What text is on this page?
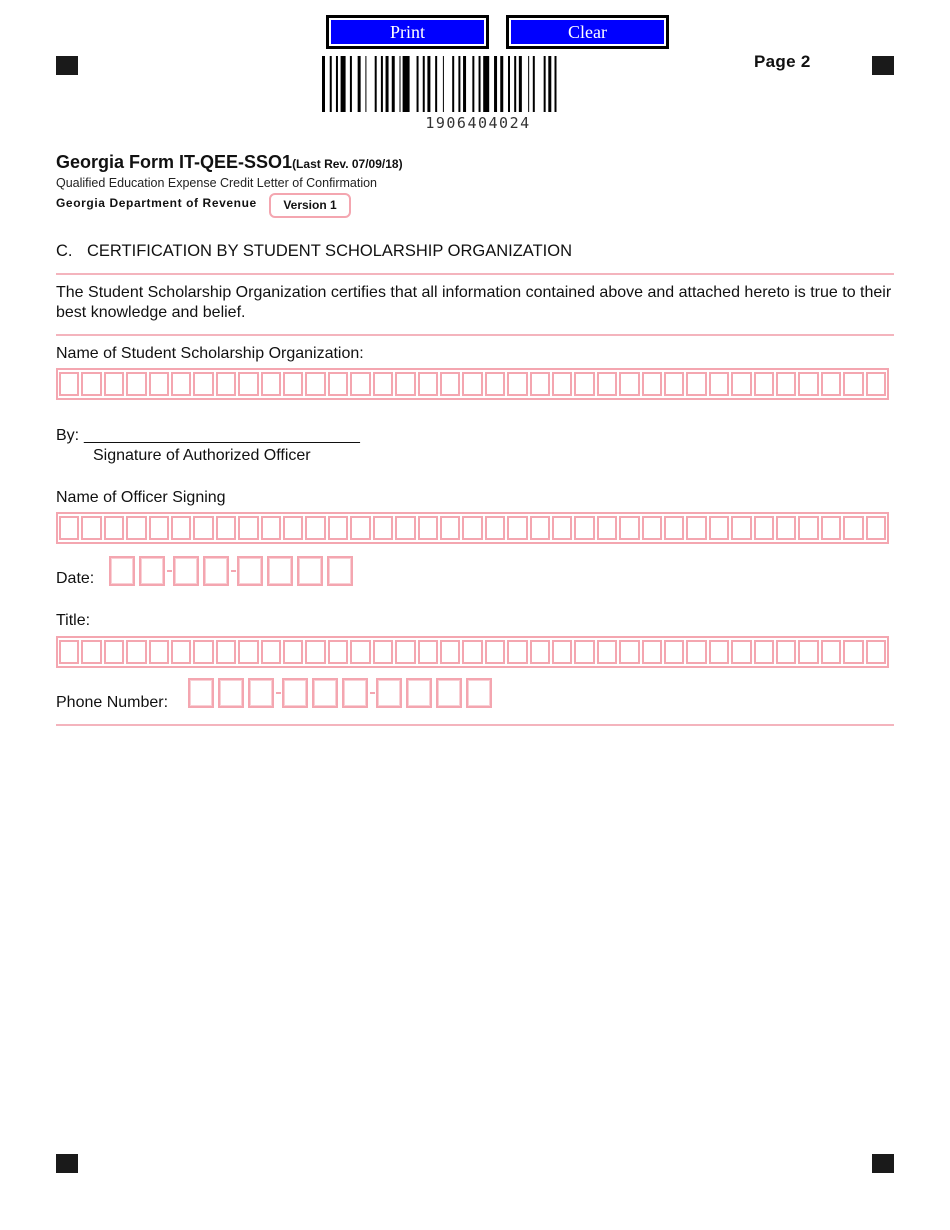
Print	Clear
Page 2
1906404024
Georgia Form IT-QEE-SSO1(Last Rev. 07/09/18)
Qualified Education Expense Credit Letter of Confirmation
Georgia Department of Revenue	Version 1
C. CERTIFICATION BY STUDENT SCHOLARSHIP ORGANIZATION
The Student Scholarship Organization certifies that all information contained above and attached hereto is true to their best knowledge and belief.
Name of Student Scholarship Organization:
By: _______________________________
Signature of Authorized Officer
Name of Officer Signing
Date:
Title:
Phone Number:
